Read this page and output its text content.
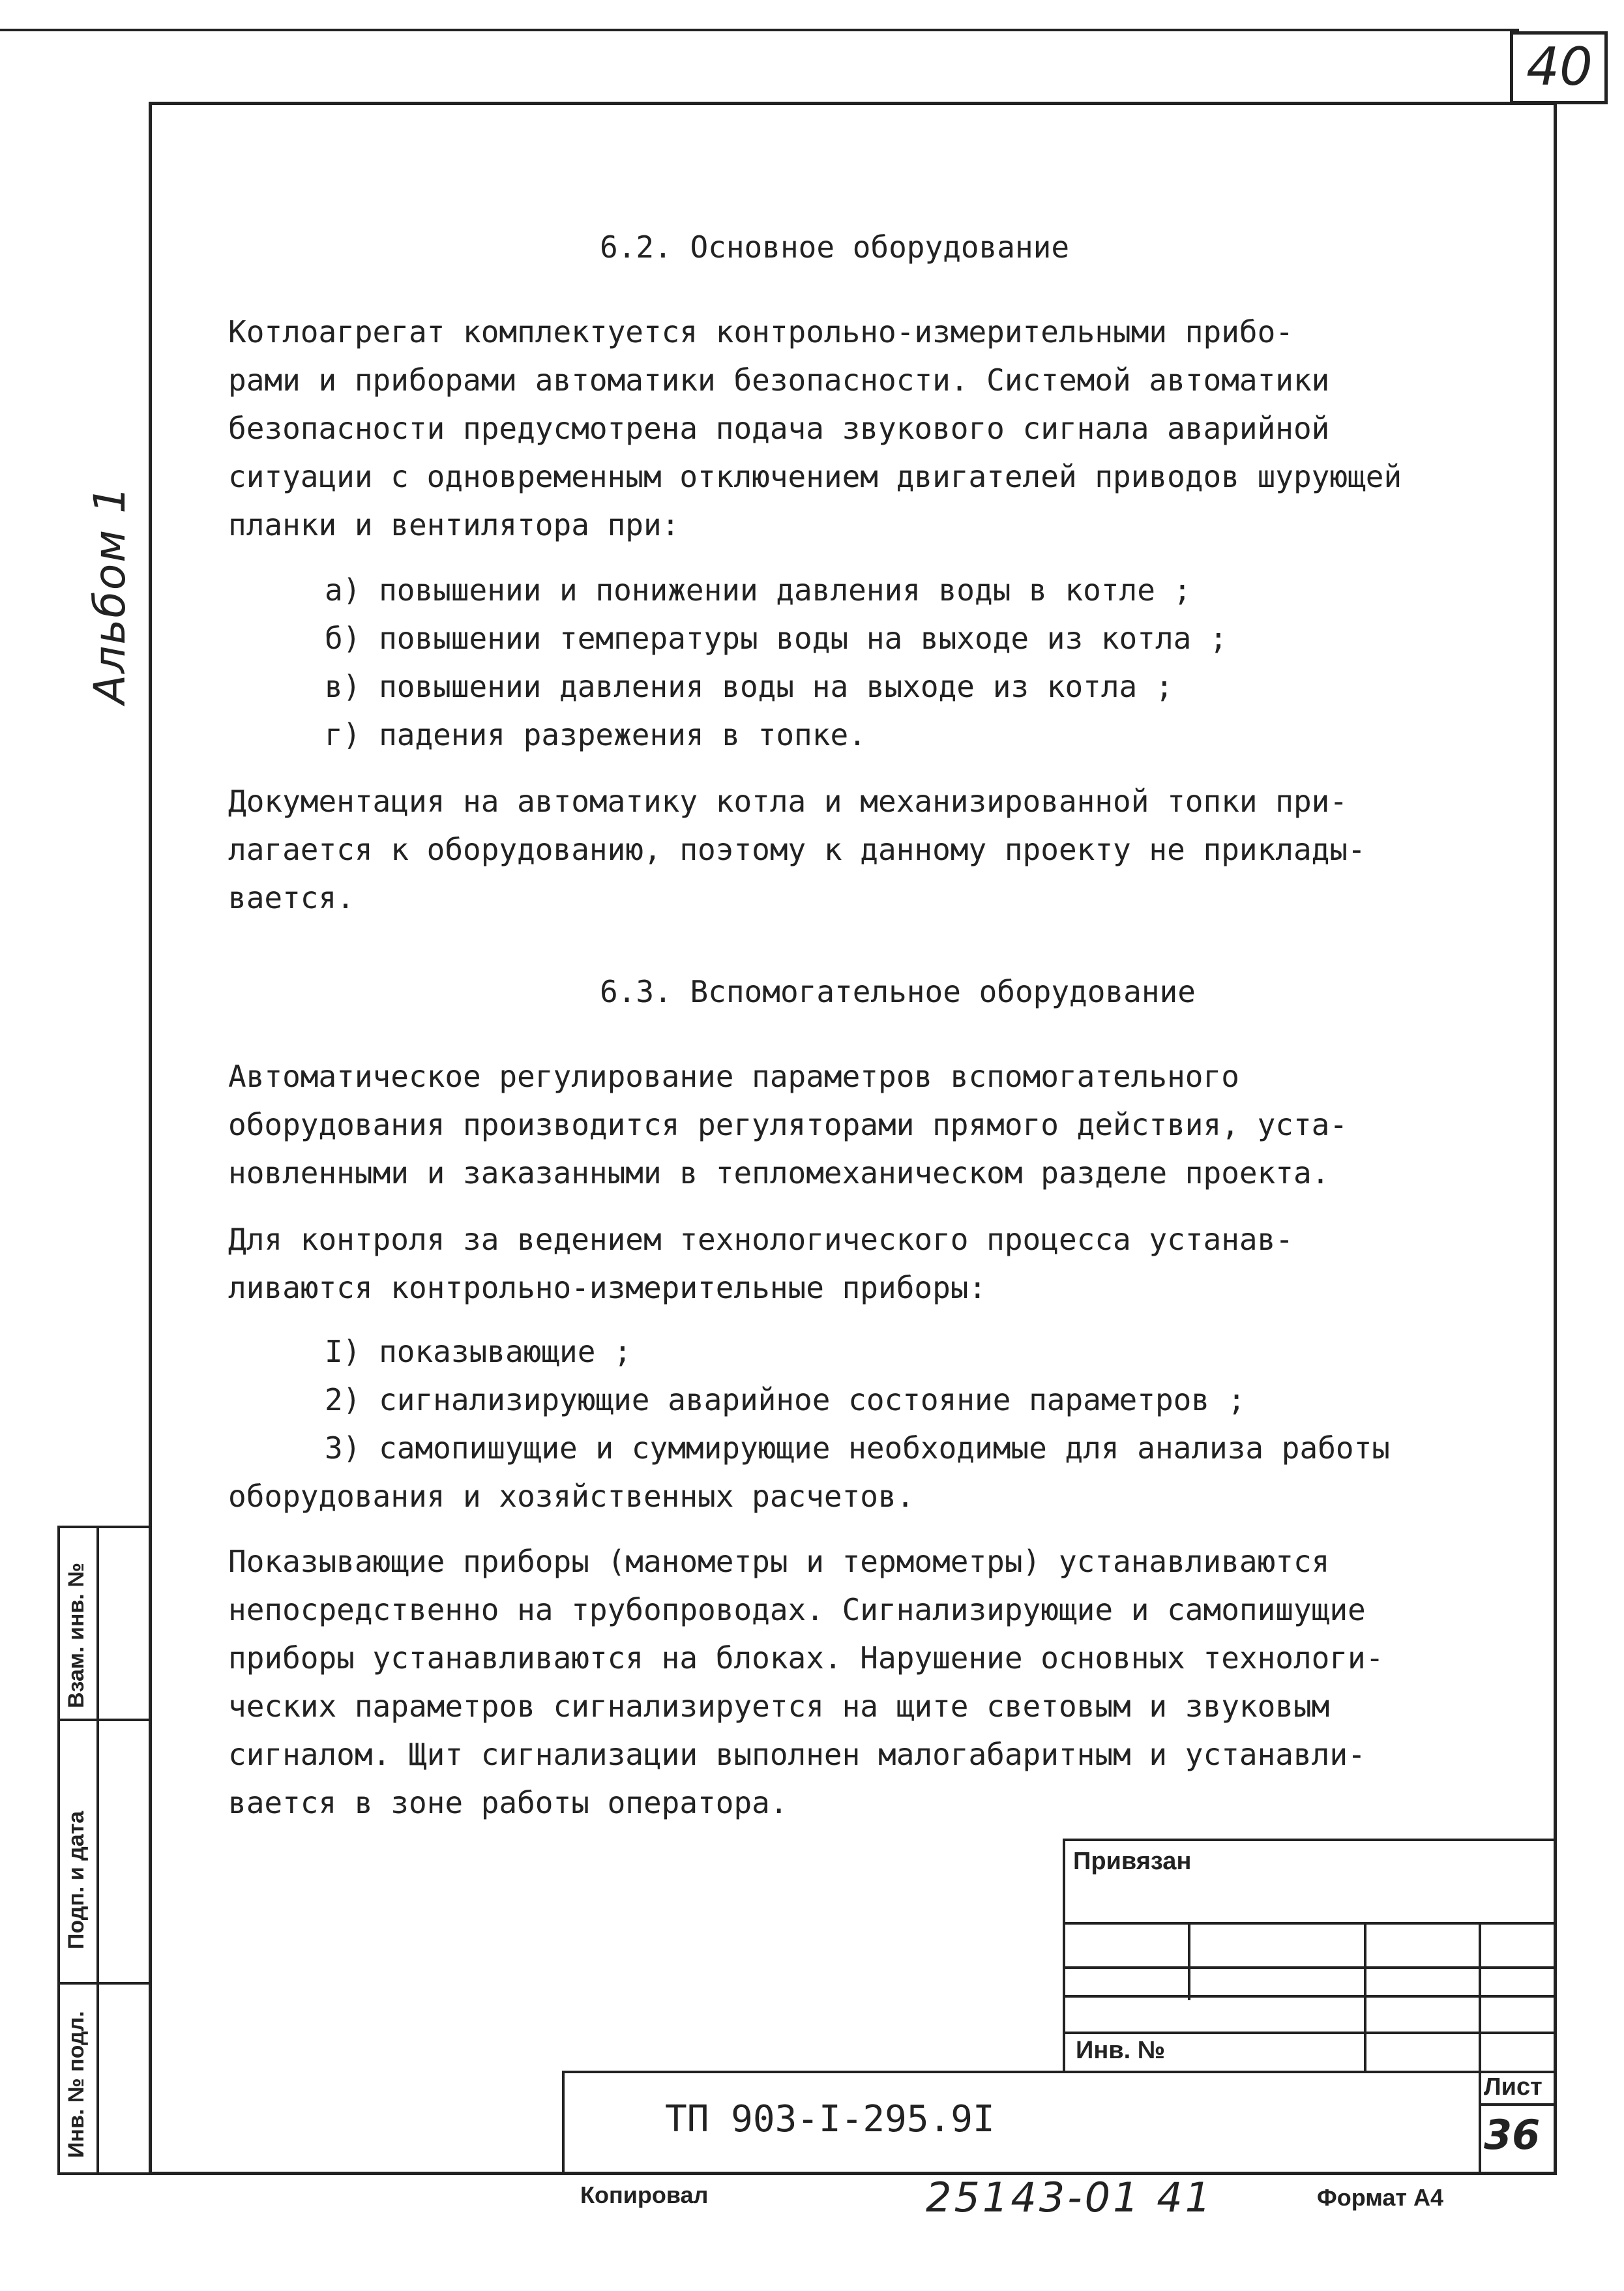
40
Альбом 1
Взам. инв. №
Подп. и дата
Инв. № подл.
6.2. Основное оборудование
Котлоагрегат комплектуется контрольно-измерительными прибо-
рами и приборами автоматики безопасности. Системой автоматики
безопасности предусмотрена подача звукового сигнала аварийной
ситуации с одновременным отключением двигателей приводов шурующей
планки и вентилятора при:
а) повышении и понижении давления воды в котле ;
б) повышении температуры воды на выходе из котла ;
в) повышении давления воды на выходе из котла ;
г) падения разрежения в топке.
Документация на автоматику котла и механизированной топки при-
лагается к оборудованию, поэтому к данному проекту не приклады-
вается.
6.3. Вспомогательное оборудование
Автоматическое регулирование параметров вспомогательного
оборудования производится регуляторами прямого действия, уста-
новленными и заказанными в тепломеханическом разделе проекта.
Для контроля за ведением технологического процесса устанав-
ливаются контрольно-измерительные приборы:
I) показывающие ;
2) сигнализирующие аварийное состояние параметров ;
3) самопишущие и суммирующие необходимые для анализа работы
оборудования и хозяйственных расчетов.
Показывающие приборы (манометры и термометры) устанавливаются
непосредственно на трубопроводах. Сигнализирующие и самопишущие
приборы устанавливаются на блоках. Нарушение основных технологи-
ческих параметров сигнализируется на щите световым и звуковым
сигналом. Щит сигнализации выполнен малогабаритным и устанавли-
вается в зоне работы оператора.
Привязан
Инв. №
Лист
36
ТП 903-I-295.9I
Копировал	25143-01 41	Формат А4
